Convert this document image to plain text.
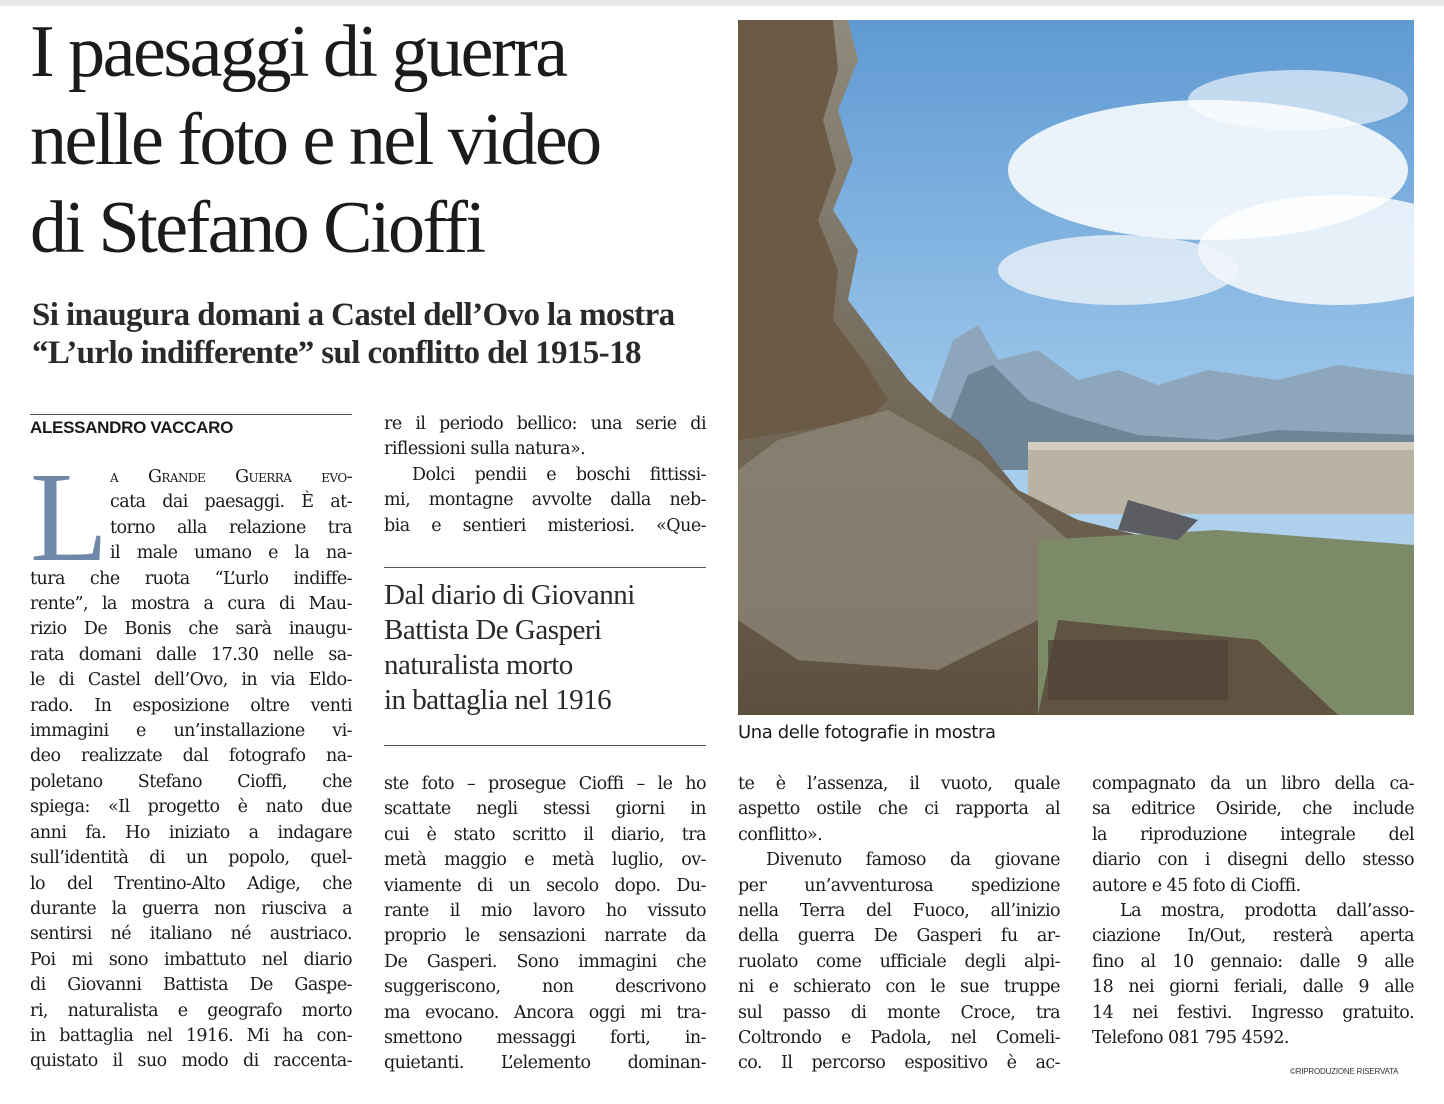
I paesaggi di guerra
nelle foto e nel video
di Stefano Cioffi
Si inaugura domani a Castel dell’Ovo la mostra
“L’urlo indifferente” sul conflitto del 1915-18
ALESSANDRO VACCARO
L a Grande Guerra evo-
cata dai paesaggi. È at-
torno alla relazione tra
il male umano e la na-
tura che ruota “L’urlo indiffe-
rente”, la mostra a cura di Mau-
rizio De Bonis che sarà inaugu-
rata domani dalle 17.30 nelle sa-
le di Castel dell’Ovo, in via Eldo-
rado. In esposizione oltre venti
immagini e un’installazione vi-
deo realizzate dal fotografo na-
poletano Stefano Cioffi, che
spiega: «Il progetto è nato due
anni fa. Ho iniziato a indagare
sull’identità di un popolo, quel-
lo del Trentino-Alto Adige, che
durante la guerra non riusciva a
sentirsi né italiano né austriaco.
Poi mi sono imbattuto nel diario
di Giovanni Battista De Gaspe-
ri, naturalista e geografo morto
in battaglia nel 1916. Mi ha con-
quistato il suo modo di raccenta-
re il periodo bellico: una serie di
riflessioni sulla natura».
Dolci pendii e boschi fittissi-
mi, montagne avvolte dalla neb-
bia e sentieri misteriosi. «Que-
Dal diario di Giovanni
Battista De Gasperi
naturalista morto
in battaglia nel 1916
ste foto – prosegue Cioffi – le ho
scattate negli stessi giorni in
cui è stato scritto il diario, tra
metà maggio e metà luglio, ov-
viamente di un secolo dopo. Du-
rante il mio lavoro ho vissuto
proprio le sensazioni narrate da
De Gasperi. Sono immagini che
suggeriscono, non descrivono
ma evocano. Ancora oggi mi tra-
smettono messaggi forti, in-
quietanti. L’elemento dominan-
Una delle fotografie in mostra
te è l’assenza, il vuoto, quale
aspetto ostile che ci rapporta al
conflitto».
Divenuto famoso da giovane
per un’avventurosa spedizione
nella Terra del Fuoco, all’inizio
della guerra De Gasperi fu ar-
ruolato come ufficiale degli alpi-
ni e schierato con le sue truppe
sul passo di monte Croce, tra
Coltrondo e Padola, nel Comeli-
co. Il percorso espositivo è ac-
compagnato da un libro della ca-
sa editrice Osiride, che include
la riproduzione integrale del
diario con i disegni dello stesso
autore e 45 foto di Cioffi.
La mostra, prodotta dall’asso-
ciazione In/Out, resterà aperta
fino al 10 gennaio: dalle 9 alle
18 nei giorni feriali, dalle 9 alle
14 nei festivi. Ingresso gratuito.
Telefono 081 795 4592.
©RIPRODUZIONE RISERVATA
